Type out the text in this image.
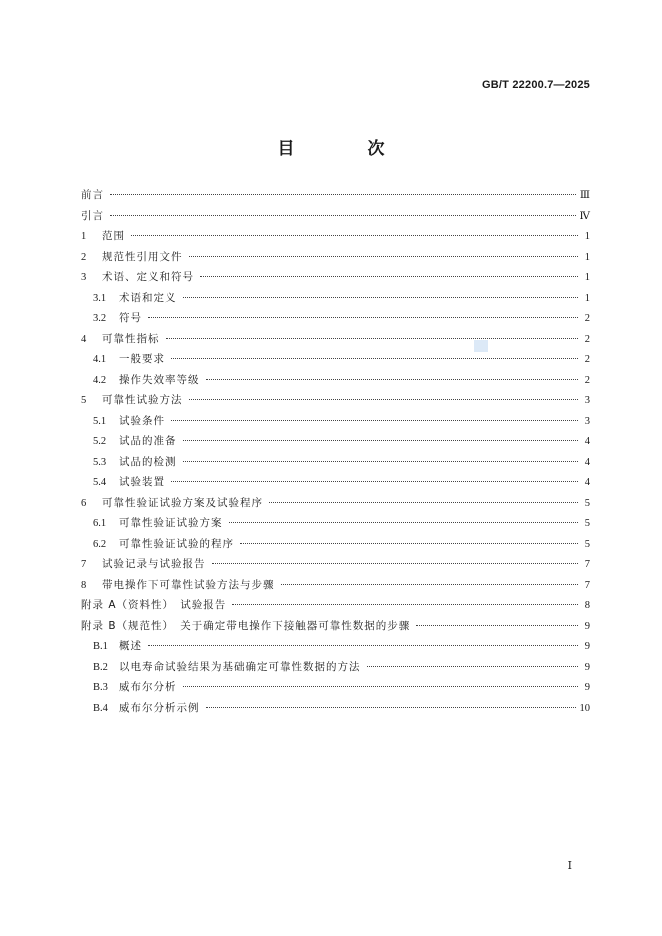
GB/T 22200.7—2025
目　次
前言	Ⅲ
引言	Ⅳ
1	范围	1
2	规范性引用文件	1
3	术语、定义和符号	1
3.1	术语和定义	1
3.2	符号	2
4	可靠性指标	2
4.1	一般要求	2
4.2	操作失效率等级	2
5	可靠性试验方法	3
5.1	试验条件	3
5.2	试品的准备	4
5.3	试品的检测	4
5.4	试验装置	4
6	可靠性验证试验方案及试验程序	5
6.1	可靠性验证试验方案	5
6.2	可靠性验证试验的程序	5
7	试验记录与试验报告	7
8	带电操作下可靠性试验方法与步骤	7
附录 A（资料性）　试验报告	8
附录 B（规范性）　关于确定带电操作下接触器可靠性数据的步骤	9
B.1	概述	9
B.2	以电寿命试验结果为基础确定可靠性数据的方法	9
B.3	威布尔分析	9
B.4	威布尔分析示例	10
Ⅰ
